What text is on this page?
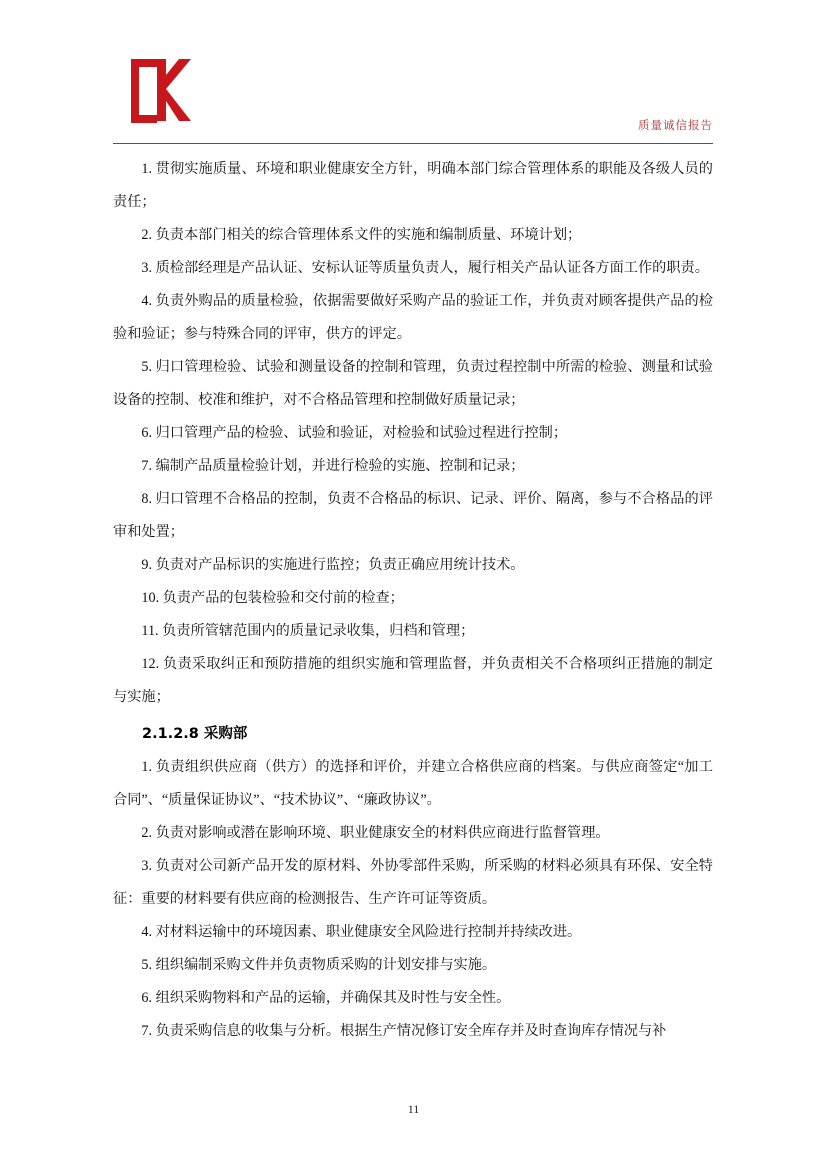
质量诚信报告

1. 贯彻实施质量、环境和职业健康安全方针，明确本部门综合管理体系的职能及各级人员的责任；

2. 负责本部门相关的综合管理体系文件的实施和编制质量、环境计划；

3. 质检部经理是产品认证、安标认证等质量负责人，履行相关产品认证各方面工作的职责。

4. 负责外购品的质量检验，依据需要做好采购产品的验证工作，并负责对顾客提供产品的检验和验证；参与特殊合同的评审，供方的评定。

5. 归口管理检验、试验和测量设备的控制和管理，负责过程控制中所需的检验、测量和试验设备的控制、校准和维护，对不合格品管理和控制做好质量记录；

6. 归口管理产品的检验、试验和验证，对检验和试验过程进行控制；

7. 编制产品质量检验计划，并进行检验的实施、控制和记录；

8. 归口管理不合格品的控制，负责不合格品的标识、记录、评价、隔离，参与不合格品的评审和处置；

9. 负责对产品标识的实施进行监控；负责正确应用统计技术。

10. 负责产品的包装检验和交付前的检查；

11. 负责所管辖范围内的质量记录收集，归档和管理；

12. 负责采取纠正和预防措施的组织实施和管理监督，并负责相关不合格项纠正措施的制定与实施；

2.1.2.8 采购部

1. 负责组织供应商（供方）的选择和评价，并建立合格供应商的档案。与供应商签定“加工合同”、“质量保证协议”、“技术协议”、“廉政协议”。

2. 负责对影响或潜在影响环境、职业健康安全的材料供应商进行监督管理。

3. 负责对公司新产品开发的原材料、外协零部件采购，所采购的材料必须具有环保、安全特征：重要的材料要有供应商的检测报告、生产许可证等资质。

4. 对材料运输中的环境因素、职业健康安全风险进行控制并持续改进。

5. 组织编制采购文件并负责物质采购的计划安排与实施。

6. 组织采购物料和产品的运输，并确保其及时性与安全性。

7. 负责采购信息的收集与分析。根据生产情况修订安全库存并及时查询库存情况与补

11
